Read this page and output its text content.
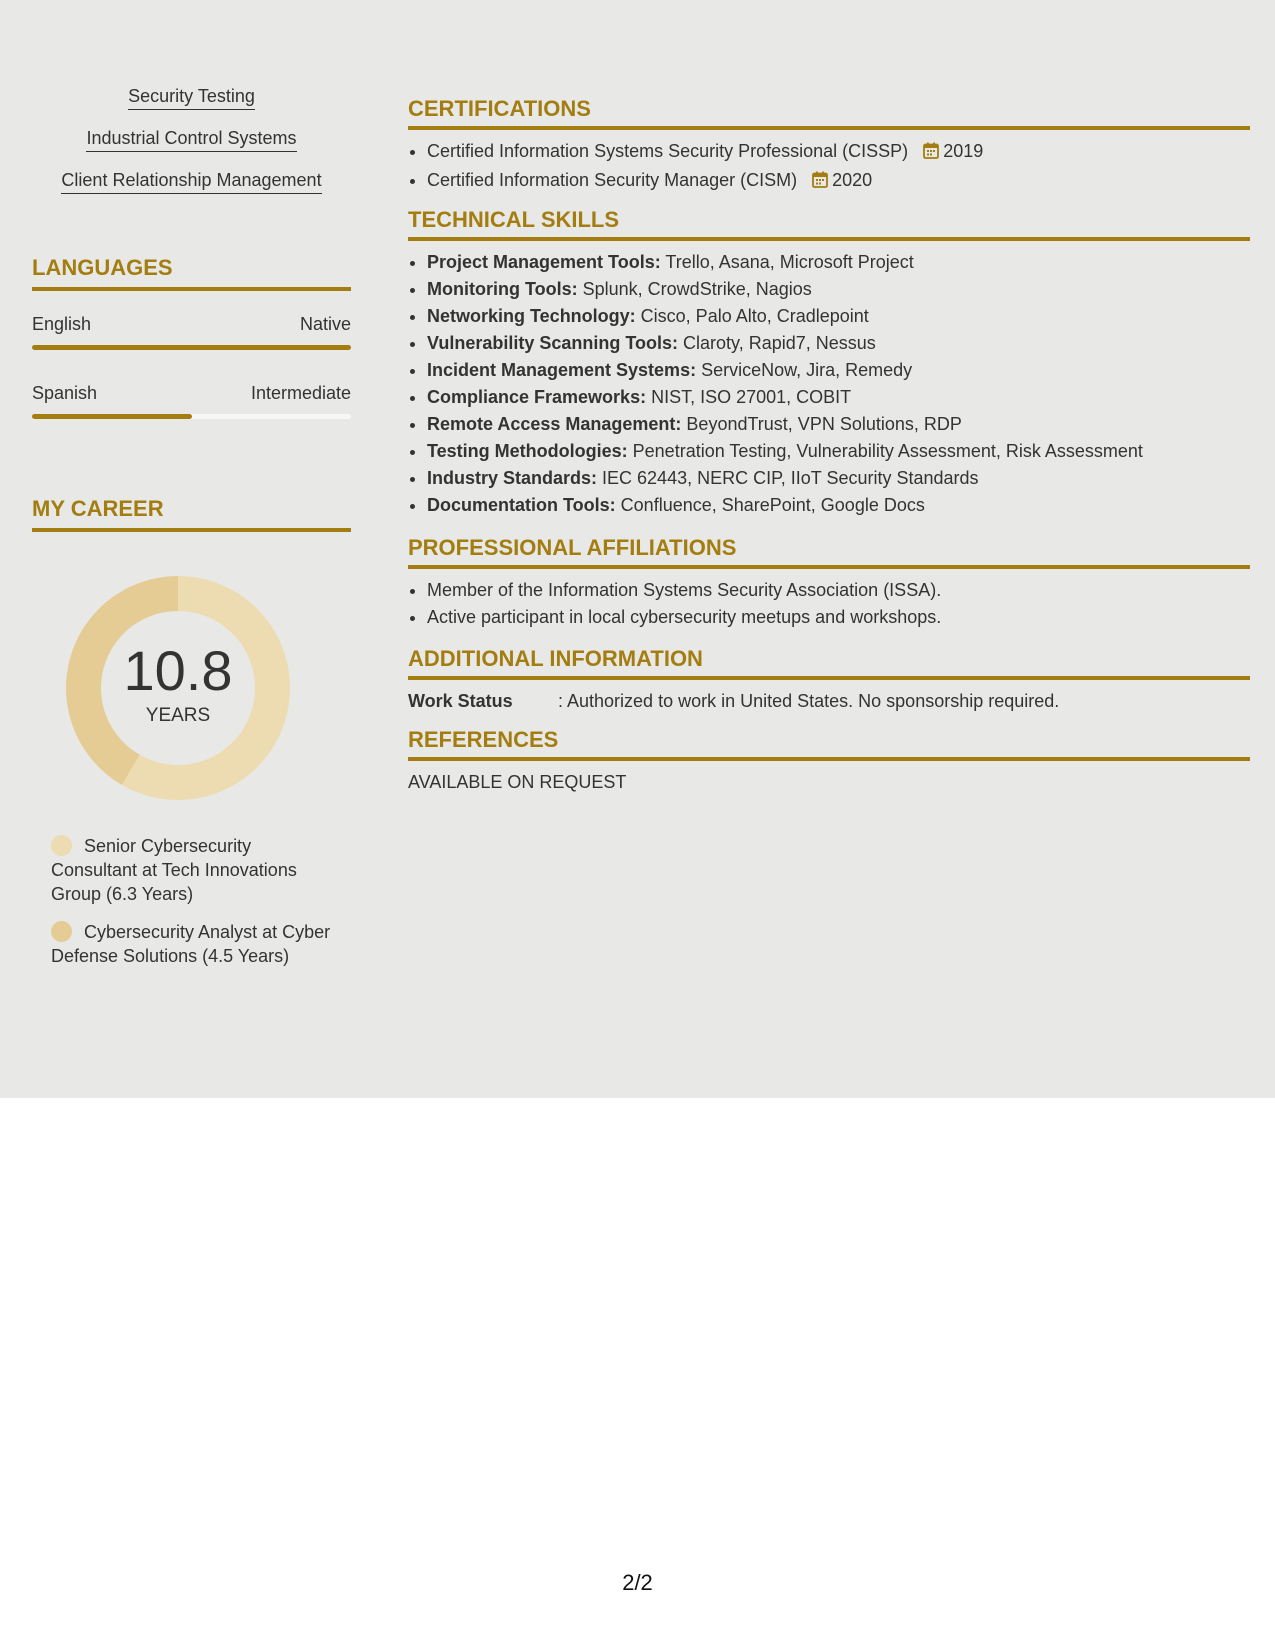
Security Testing
Industrial Control Systems
Client Relationship Management
LANGUAGES
English	Native
Spanish	Intermediate
MY CAREER
10.8
YEARS
Senior Cybersecurity Consultant at Tech Innovations Group (6.3 Years)
Cybersecurity Analyst at Cyber Defense Solutions (4.5 Years)
CERTIFICATIONS
• Certified Information Systems Security Professional (CISSP) 2019
• Certified Information Security Manager (CISM) 2020
TECHNICAL SKILLS
• Project Management Tools: Trello, Asana, Microsoft Project
• Monitoring Tools: Splunk, CrowdStrike, Nagios
• Networking Technology: Cisco, Palo Alto, Cradlepoint
• Vulnerability Scanning Tools: Claroty, Rapid7, Nessus
• Incident Management Systems: ServiceNow, Jira, Remedy
• Compliance Frameworks: NIST, ISO 27001, COBIT
• Remote Access Management: BeyondTrust, VPN Solutions, RDP
• Testing Methodologies: Penetration Testing, Vulnerability Assessment, Risk Assessment
• Industry Standards: IEC 62443, NERC CIP, IIoT Security Standards
• Documentation Tools: Confluence, SharePoint, Google Docs
PROFESSIONAL AFFILIATIONS
• Member of the Information Systems Security Association (ISSA).
• Active participant in local cybersecurity meetups and workshops.
ADDITIONAL INFORMATION
Work Status	: Authorized to work in United States. No sponsorship required.
REFERENCES
AVAILABLE ON REQUEST
2/2
